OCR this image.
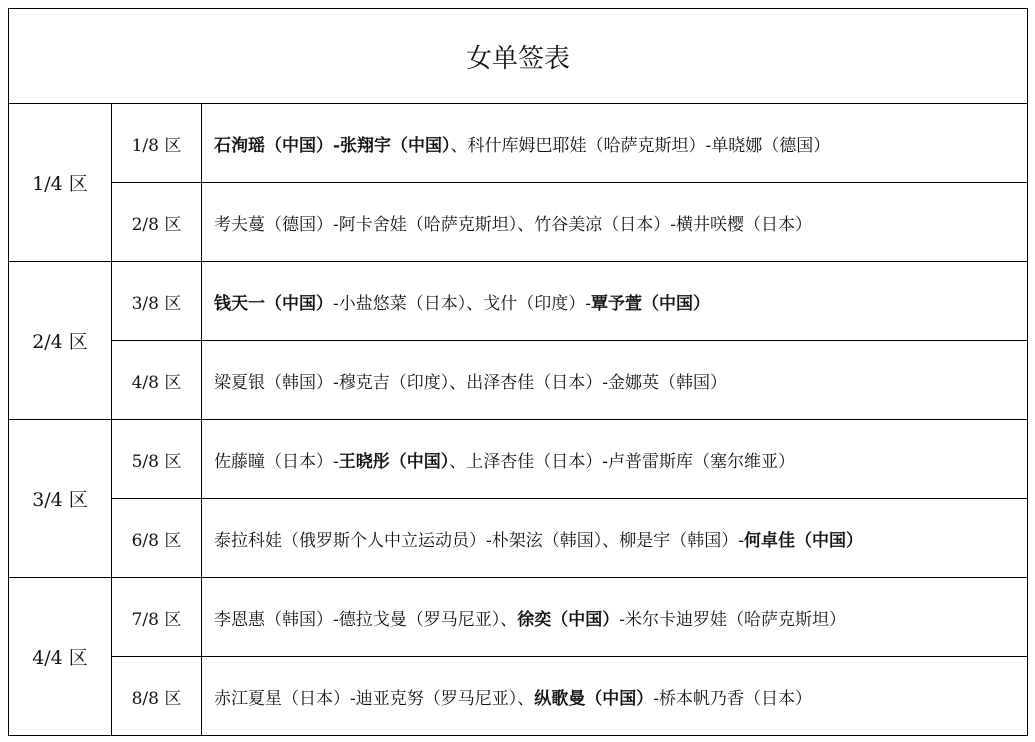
女单签表		
1/4 区	1/8 区	石洵瑶（中国）-张翔宇（中国）、科什库姆巴耶娃（哈萨克斯坦）-单晓娜（德国）
	2/8 区	考夫蔓（德国）-阿卡舍娃（哈萨克斯坦）、竹谷美凉（日本）-横井咲樱（日本）
2/4 区	3/8 区	钱天一（中国）-小盐悠菜（日本）、戈什（印度）-覃予萱（中国）
	4/8 区	梁夏银（韩国）-穆克吉（印度）、出泽杏佳（日本）-金娜英（韩国）
3/4 区	5/8 区	佐藤瞳（日本）-王晓彤（中国）、上泽杏佳（日本）-卢普雷斯库（塞尔维亚）
	6/8 区	泰拉科娃（俄罗斯个人中立运动员）-朴架泫（韩国）、柳是宇（韩国）-何卓佳（中国）
4/4 区	7/8 区	李恩惠（韩国）-德拉戈曼（罗马尼亚）、徐奕（中国）-米尔卡迪罗娃（哈萨克斯坦）
	8/8 区	赤江夏星（日本）-迪亚克努（罗马尼亚）、纵歌曼（中国）-桥本帆乃香（日本）
